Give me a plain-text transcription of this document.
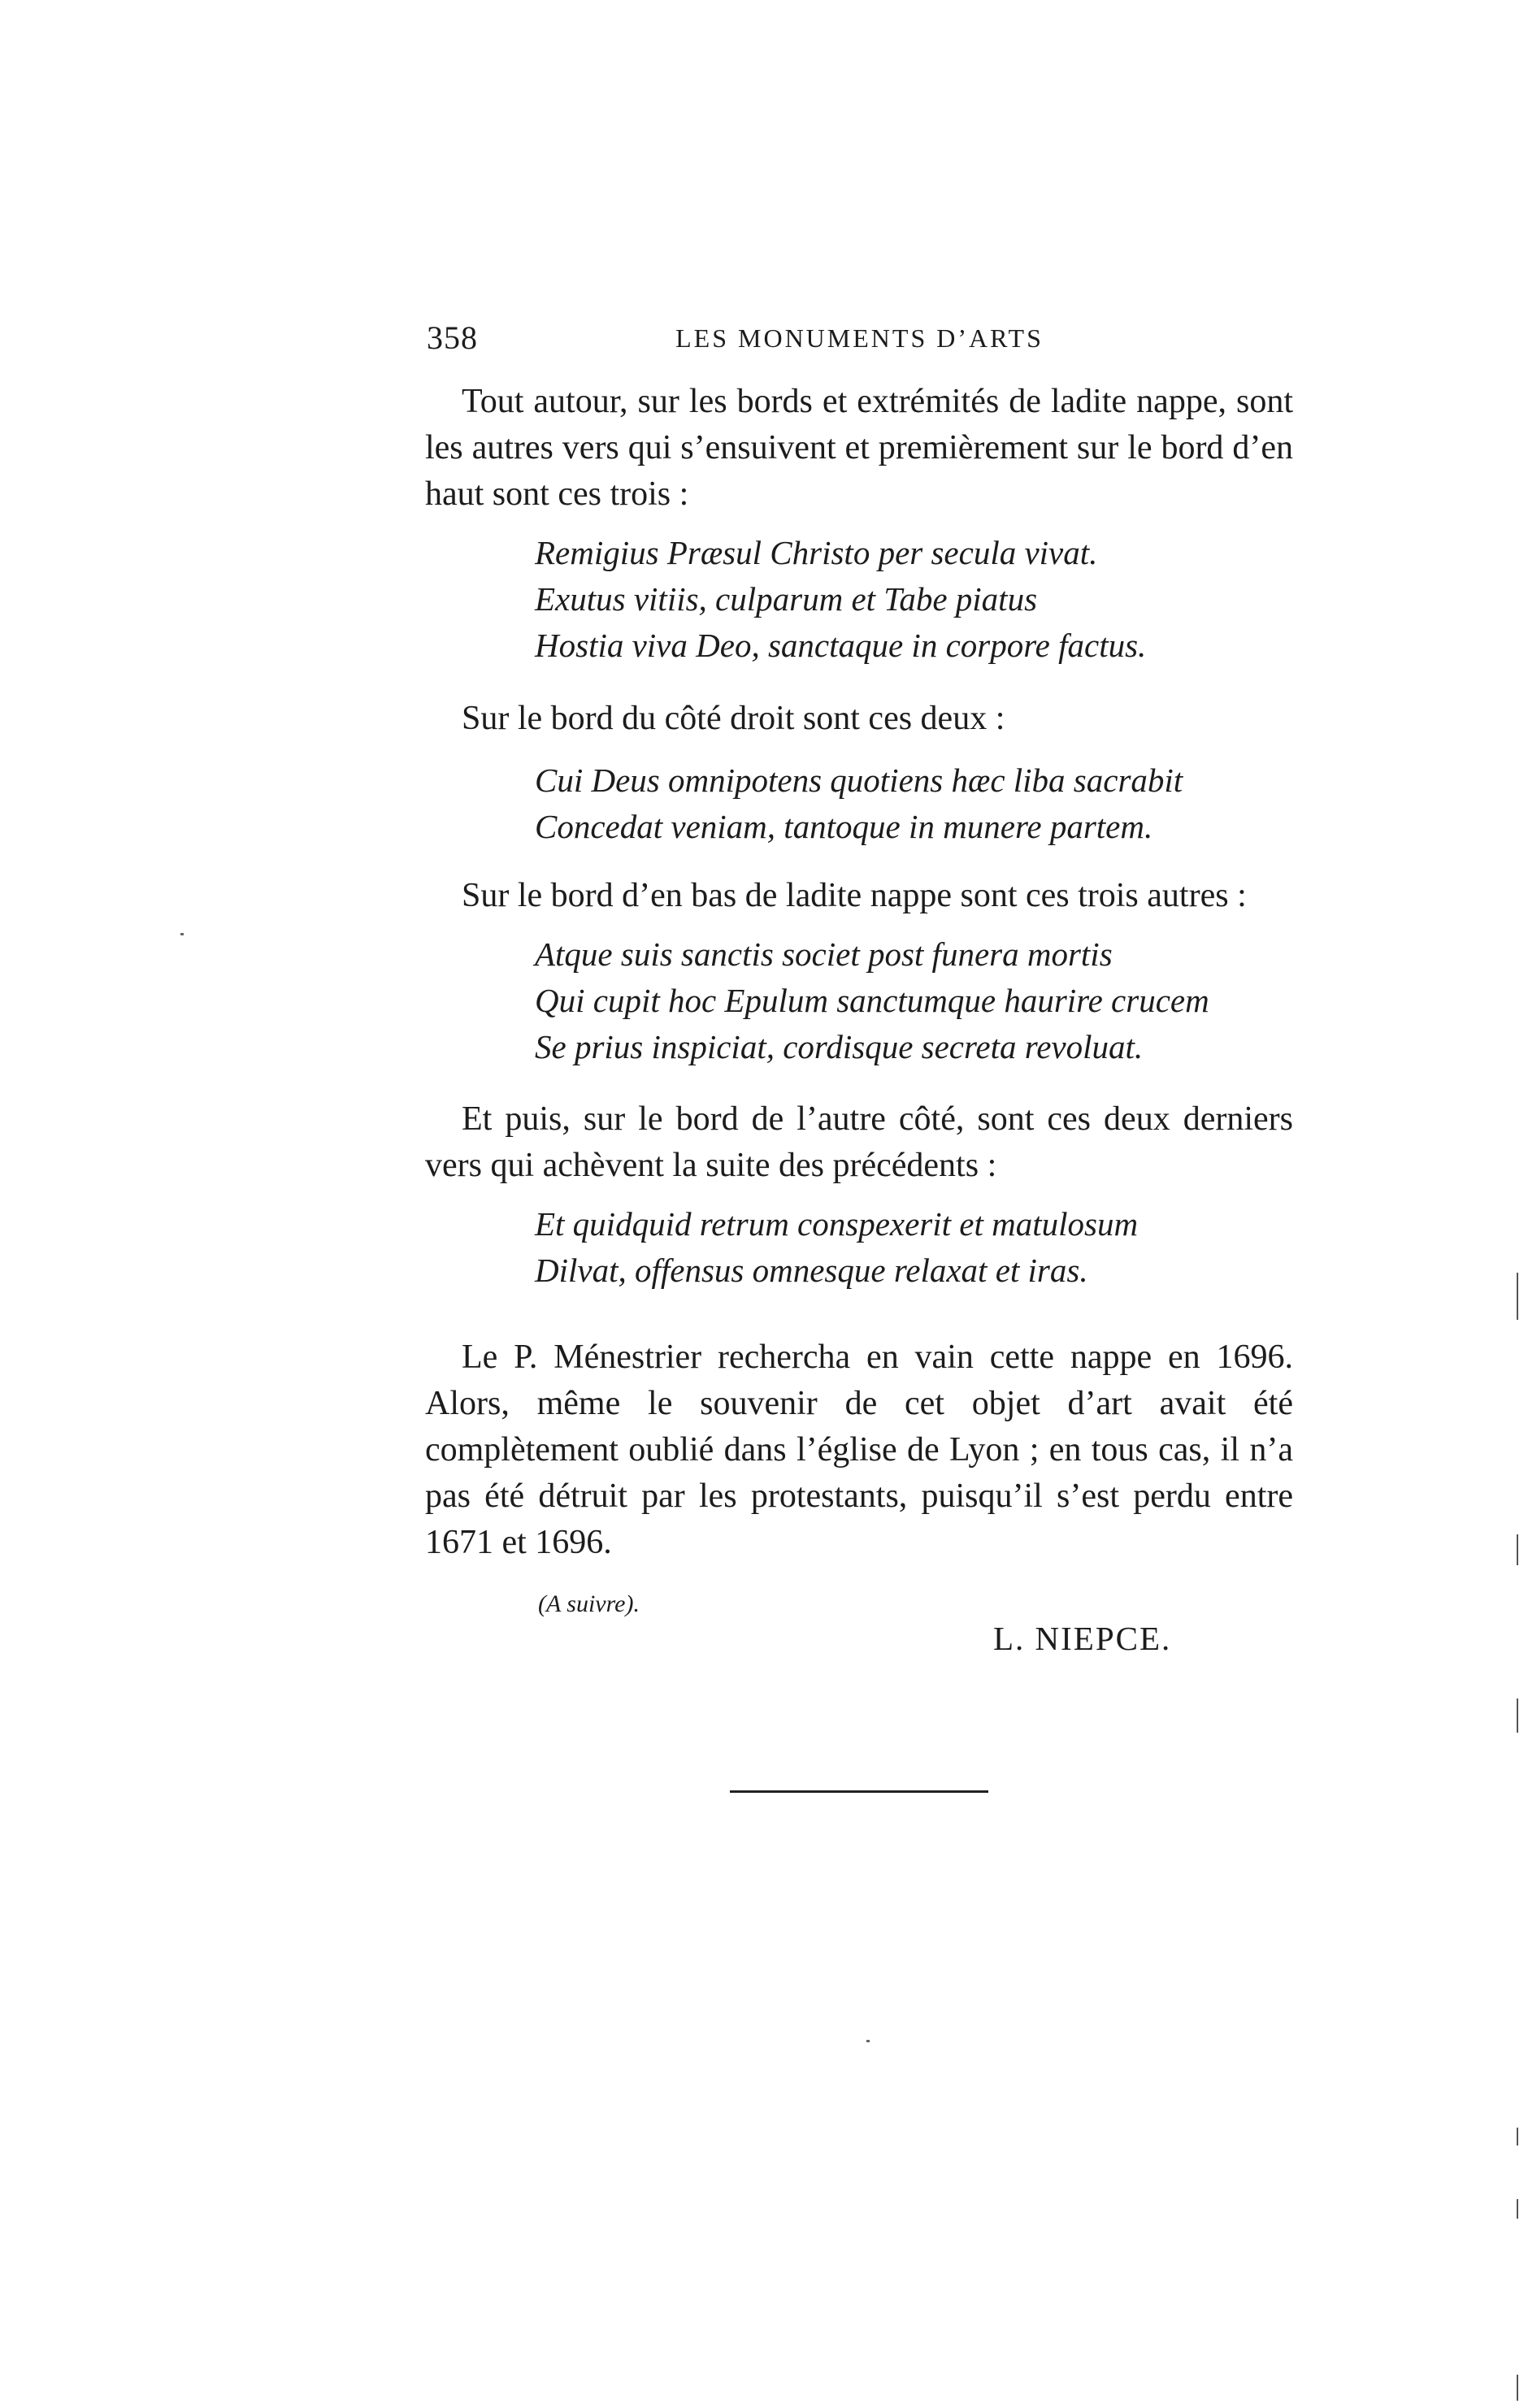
358	LES MONUMENTS D’ARTS

Tout autour, sur les bords et extrémités de ladite nappe, sont les autres vers qui s’ensuivent et premièrement sur le bord d’en haut sont ces trois :

Remigius Præsul Christo per secula vivat.
Exutus vitiis, culparum et Tabe piatus
Hostia viva Deo, sanctaque in corpore factus.

Sur le bord du côté droit sont ces deux :

Cui Deus omnipotens quotiens hæc liba sacrabit
Concedat veniam, tantoque in munere partem.

Sur le bord d’en bas de ladite nappe sont ces trois autres :

Atque suis sanctis societ post funera mortis
Qui cupit hoc Epulum sanctumque haurire crucem
Se prius inspiciat, cordisque secreta revoluat.

Et puis, sur le bord de l’autre côté, sont ces deux derniers vers qui achèvent la suite des précédents :

Et quidquid retrum conspexerit et matulosum
Dilvat, offensus omnesque relaxat et iras.

Le P. Ménestrier rechercha en vain cette nappe en 1696. Alors, même le souvenir de cet objet d’art avait été complètement oublié dans l’église de Lyon ; en tous cas, il n’a pas été détruit par les protestants, puisqu’il s’est perdu entre 1671 et 1696.

(A suivre).
L. NIEPCE.
